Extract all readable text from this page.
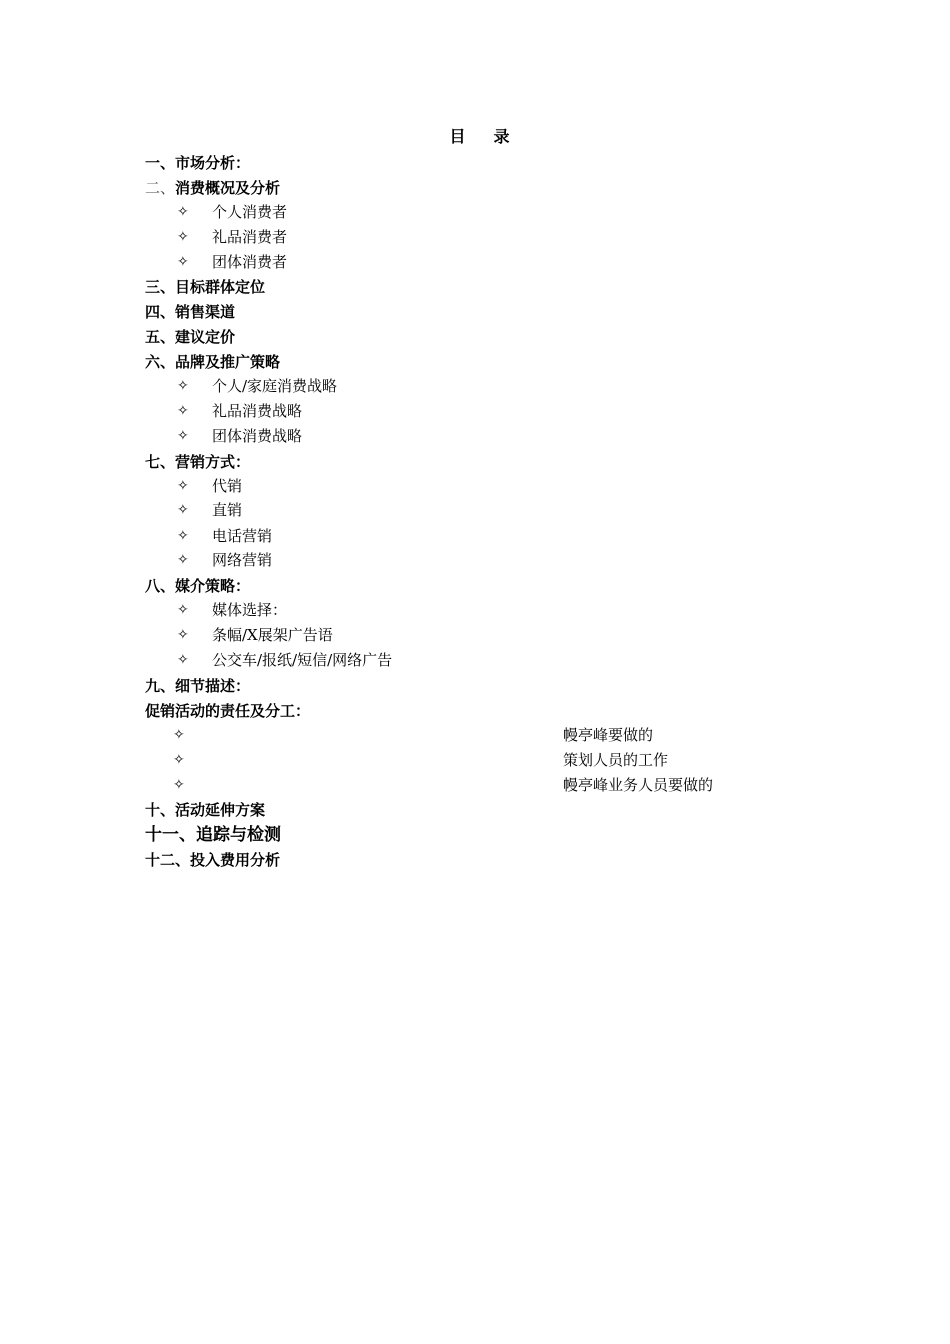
目　录
一、市场分析：
二、消费概况及分析
✧ 个人消费者
✧ 礼品消费者
✧ 团体消费者
三、目标群体定位
四、销售渠道
五、建议定价
六、品牌及推广策略
✧ 个人/家庭消费战略
✧ 礼品消费战略
✧ 团体消费战略
七、营销方式：
✧ 代销
✧ 直销
✧ 电话营销
✧ 网络营销
八、媒介策略：
✧ 媒体选择：
✧ 条幅/X展架广告语
✧ 公交车/报纸/短信/网络广告
九、细节描述：
促销活动的责任及分工：
✧	幔亭峰要做的
✧	策划人员的工作
✧	幔亭峰业务人员要做的
十、活动延伸方案
十一、追踪与检测
十二、投入费用分析
